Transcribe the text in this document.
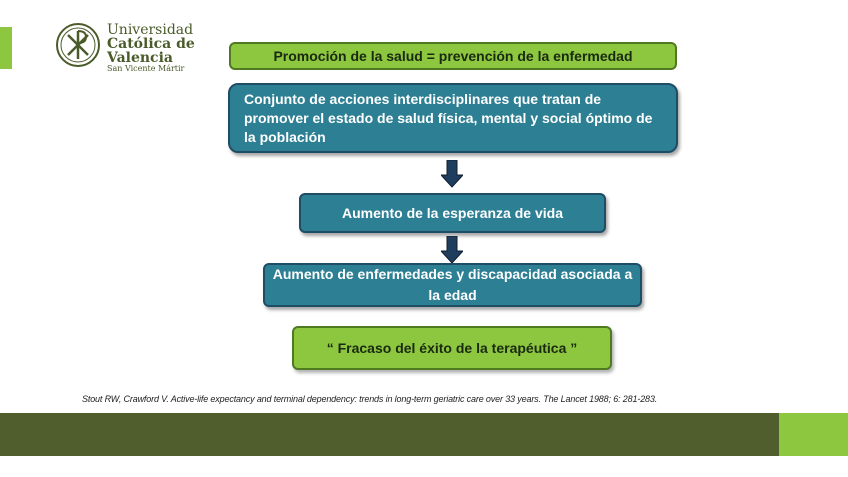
Universidad
Católica de
Valencia
San Vicente Mártir
Promoción de la salud = prevención de la enfermedad
Conjunto de acciones interdisciplinares que tratan de promover el estado de salud física, mental y social óptimo de la población
Aumento de la esperanza de vida
Aumento de enfermedades y discapacidad asociada a la edad
“ Fracaso del éxito de la terapéutica ”
Stout RW, Crawford V. Active-life expectancy and terminal dependency: trends in long-term geriatric care over 33 years. The Lancet 1988; 6: 281-283.
